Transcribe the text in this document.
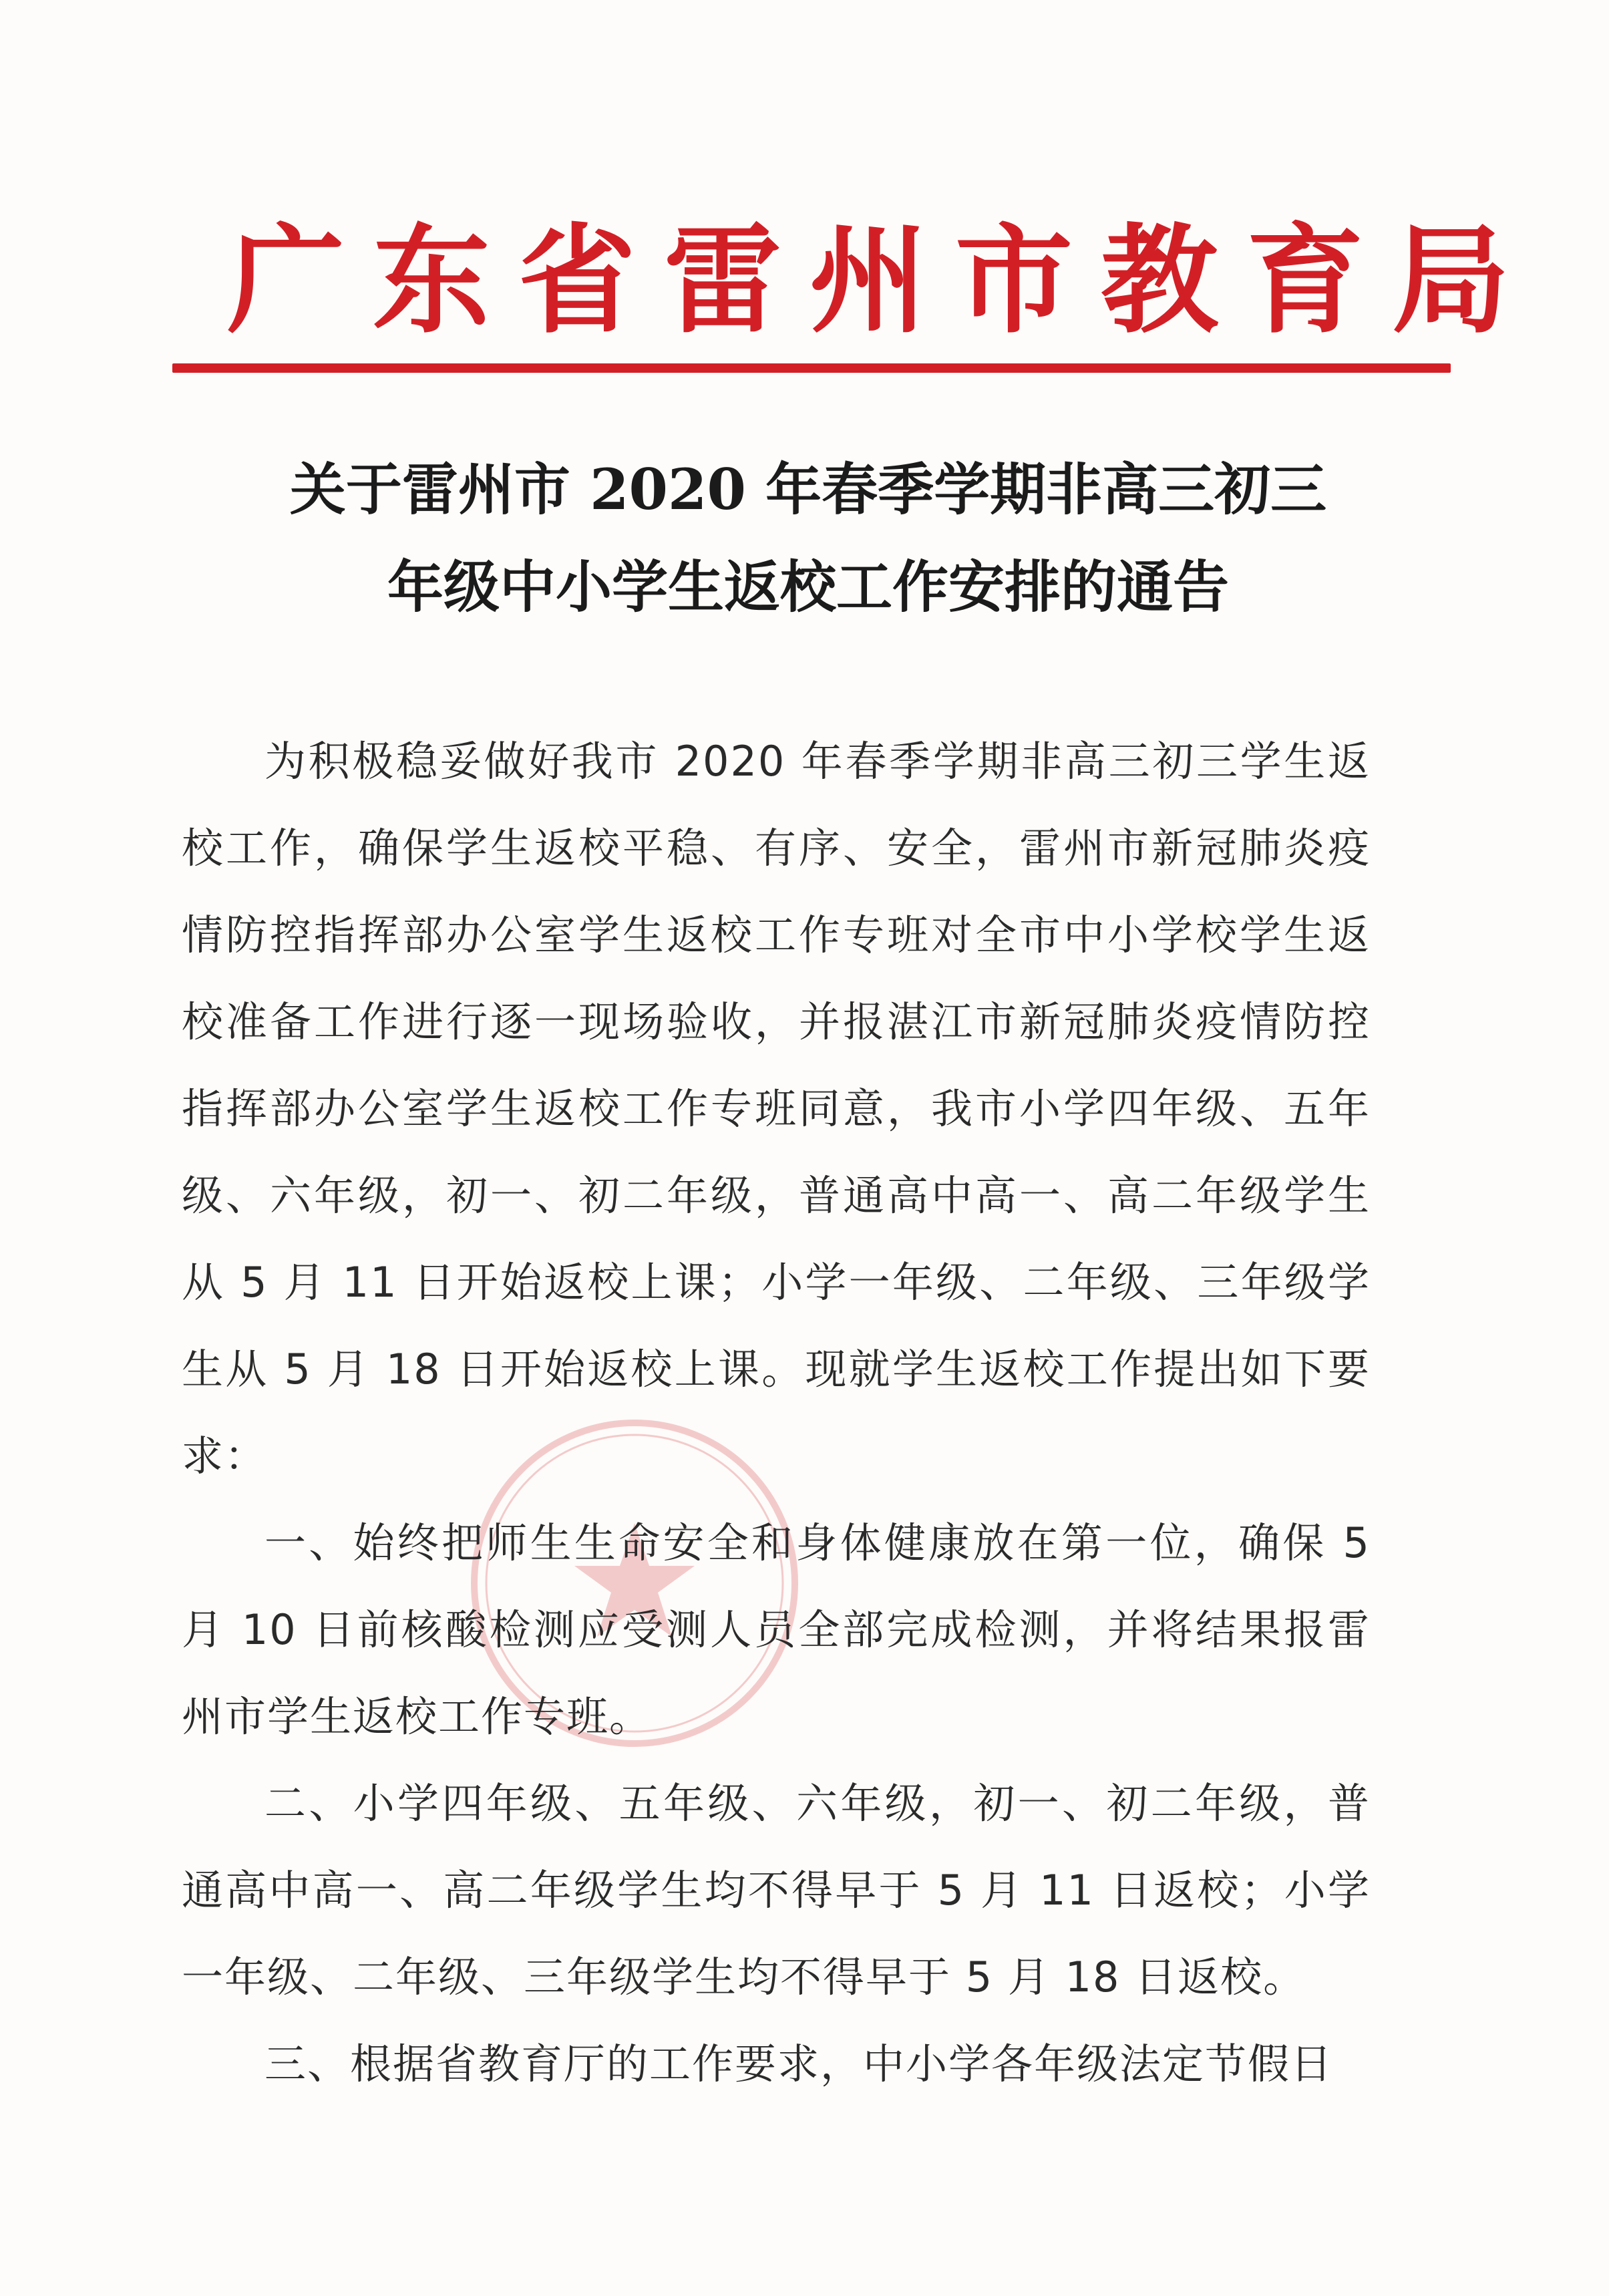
广东省雷州市教育局
关于雷州市 2020 年春季学期非高三初三
年级中小学生返校工作安排的通告

为积极稳妥做好我市 2020 年春季学期非高三初三学生返校工作，确保学生返校平稳、有序、安全，雷州市新冠肺炎疫情防控指挥部办公室学生返校工作专班对全市中小学校学生返校准备工作进行逐一现场验收，并报湛江市新冠肺炎疫情防控指挥部办公室学生返校工作专班同意，我市小学四年级、五年级、六年级，初一、初二年级，普通高中高一、高二年级学生从 5 月 11 日开始返校上课；小学一年级、二年级、三年级学生从 5 月 18 日开始返校上课。现就学生返校工作提出如下要求：

一、始终把师生生命安全和身体健康放在第一位，确保 5 月 10 日前核酸检测应受测人员全部完成检测，并将结果报雷州市学生返校工作专班。

二、小学四年级、五年级、六年级，初一、初二年级，普通高中高一、高二年级学生均不得早于 5 月 11 日返校；小学一年级、二年级、三年级学生均不得早于 5 月 18 日返校。

三、根据省教育厅的工作要求，中小学各年级法定节假日
